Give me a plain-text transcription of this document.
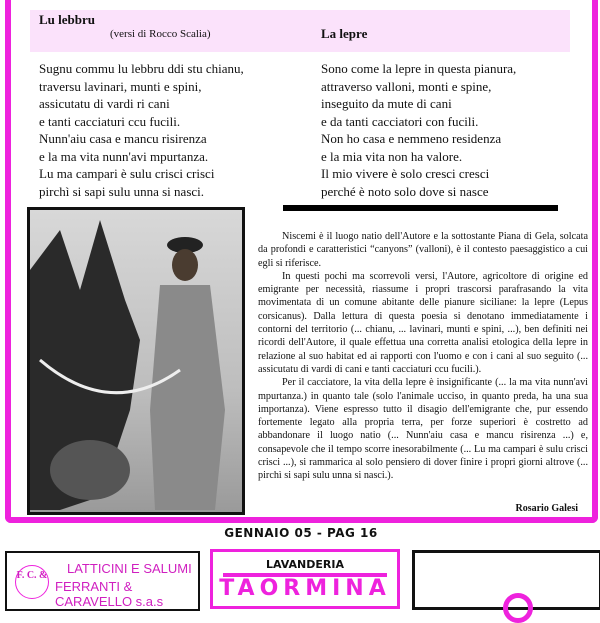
Lu lebbru
(versi di Rocco Scalia)	La lepre
Sugnu commu lu lebbru ddi stu chianu,
traversu lavinari, munti e spini,
assicutatu di vardi ri cani
e tanti cacciaturi ccu fucili.
Nunn'aiu casa e mancu risirenza
e la ma vita nunn'avi mpurtanza.
Lu ma campari è sulu crisci crisci
pirchì si sapi sulu unna si nasci.
Sono come la lepre in questa pianura,
attraverso valloni, monti e spine,
inseguito da mute di cani
e da tanti cacciatori con fucili.
Non ho casa e nemmeno residenza
e la mia vita non ha valore.
Il mio vivere è solo cresci cresci
perché è noto solo dove si nasce

Niscemi è il luogo natio dell'Autore e la sottostante Piana di Gela, solcata da profondi e caratteristici “canyons” (valloni), è il contesto paesaggistico a cui egli si riferisce.

In questi pochi ma scorrevoli versi, l'Autore, agricoltore di origine ed emigrante per necessità, riassume i propri trascorsi parafrasando la vita movimentata di un comune abitante delle pianure siciliane: la lepre (Lepus corsicanus). Dalla lettura di questa poesia si denotano immediatamente i contorni del territorio (... chianu, ... lavinari, munti e spini, ...), ben definiti nei ricordi dell'Autore, il quale effettua una corretta analisi etologica della lepre in relazione al suo habitat ed ai rapporti con l'uomo e con i cani al suo seguito (... assicutatu di vardi di cani e tanti cacciaturi ccu fucili.).

Per il cacciatore, la vita della lepre è insignificante (... la ma vita nunn'avi mpurtanza.) in quanto tale (solo l'animale ucciso, in quanto preda, ha una sua importanza). Viene espresso tutto il disagio dell'emigrante che, pur essendo fortemente legato alla propria terra, per forze superiori è costretto ad abbandonare il luogo natio (... Nunn'aiu casa e mancu risirenza ...) e, consapevole che il tempo scorre inesorabilmente (... Lu ma campari è sulu crisci crisci ...), si rammarica al solo pensiero di dover finire i propri giorni altrove (... pirchì si sapi sulu unna si nasci.).

Rosario Galesi
GENNAIO 05 - PAG 16
F. C. & LATTICINI E SALUMI
FERRANTI & CARAVELLO s.a.s
LAVANDERIA
TAORMINA
